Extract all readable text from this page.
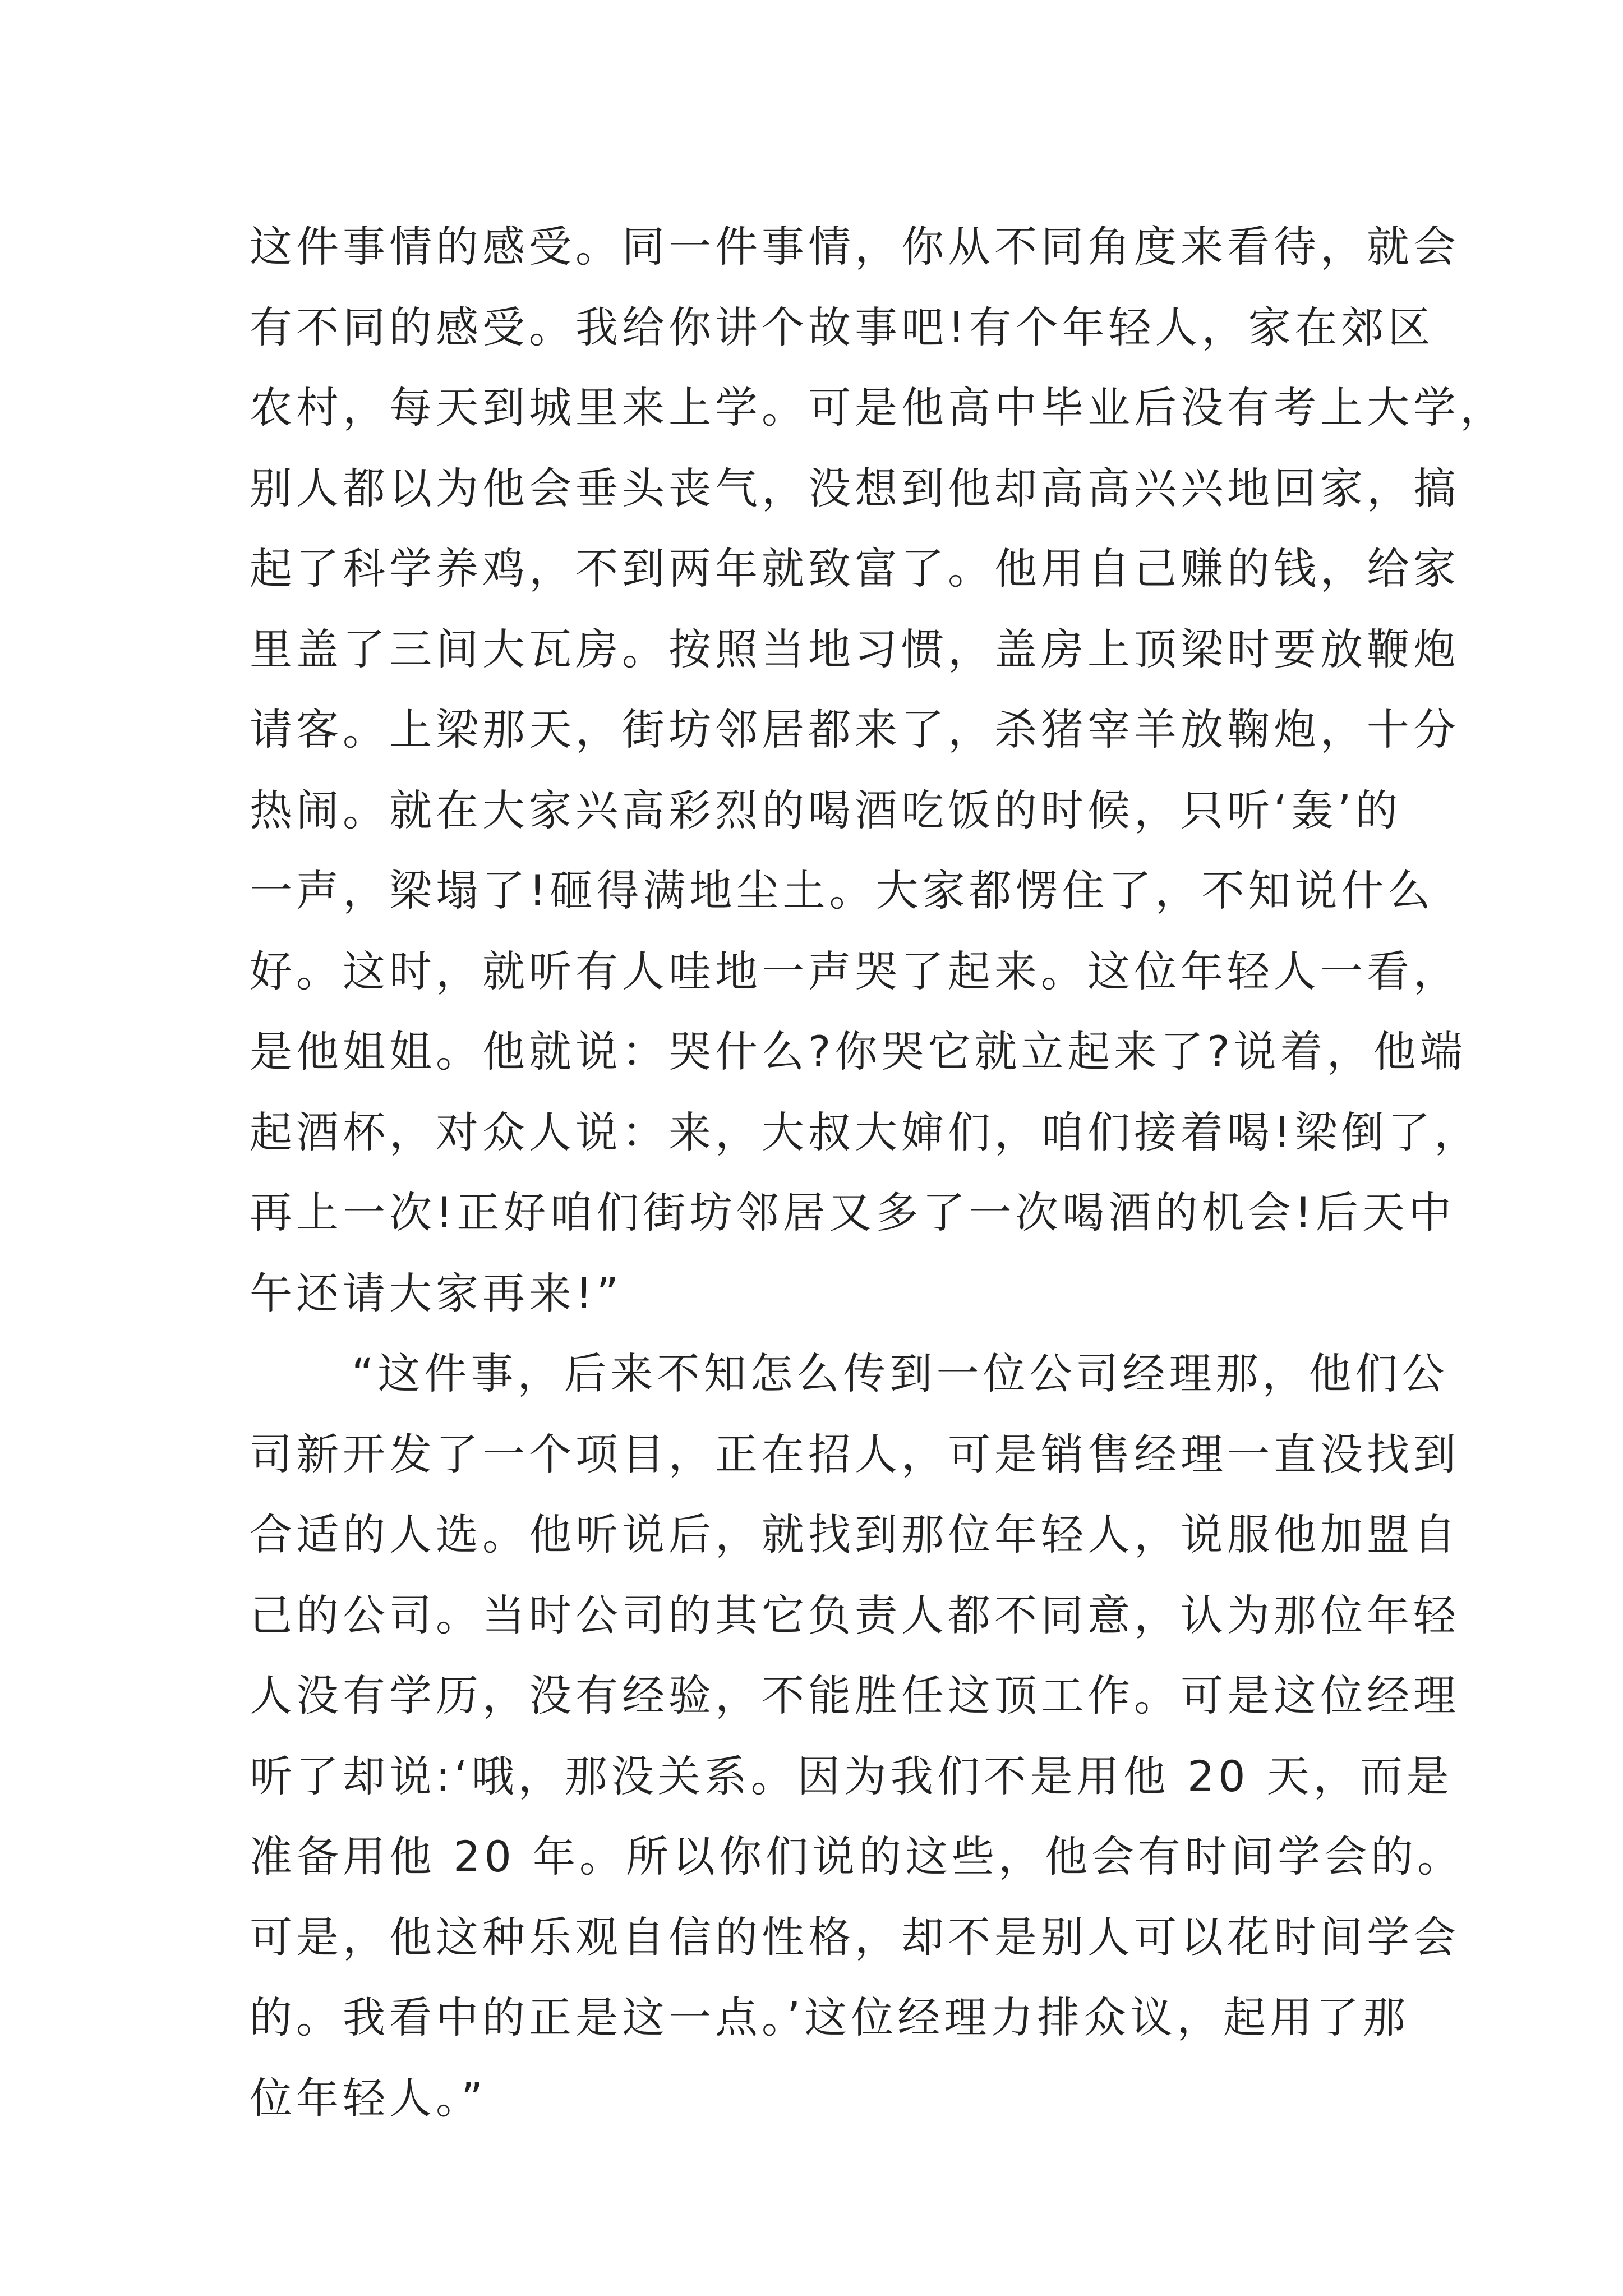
这件事情的感受。同一件事情，你从不同角度来看待，就会
有不同的感受。我给你讲个故事吧!有个年轻人，家在郊区
农村，每天到城里来上学。可是他高中毕业后没有考上大学，
别人都以为他会垂头丧气，没想到他却高高兴兴地回家，搞
起了科学养鸡，不到两年就致富了。他用自己赚的钱，给家
里盖了三间大瓦房。按照当地习惯，盖房上顶梁时要放鞭炮
请客。上梁那天，街坊邻居都来了，杀猪宰羊放鞠炮，十分
热闹。就在大家兴高彩烈的喝酒吃饭的时候，只听‘轰’的
一声，梁塌了!砸得满地尘土。大家都愣住了，不知说什么
好。这时，就听有人哇地一声哭了起来。这位年轻人一看，
是他姐姐。他就说：哭什么?你哭它就立起来了?说着，他端
起酒杯，对众人说：来，大叔大婶们，咱们接着喝!梁倒了，
再上一次!正好咱们街坊邻居又多了一次喝酒的机会!后天中
午还请大家再来!”
“这件事，后来不知怎么传到一位公司经理那，他们公
司新开发了一个项目，正在招人，可是销售经理一直没找到
合适的人选。他听说后，就找到那位年轻人，说服他加盟自
己的公司。当时公司的其它负责人都不同意，认为那位年轻
人没有学历，没有经验，不能胜任这顶工作。可是这位经理
听了却说:‘哦，那没关系。因为我们不是用他 20 天，而是
准备用他 20 年。所以你们说的这些，他会有时间学会的。
可是，他这种乐观自信的性格，却不是别人可以花时间学会
的。我看中的正是这一点。’这位经理力排众议，起用了那
位年轻人。”
